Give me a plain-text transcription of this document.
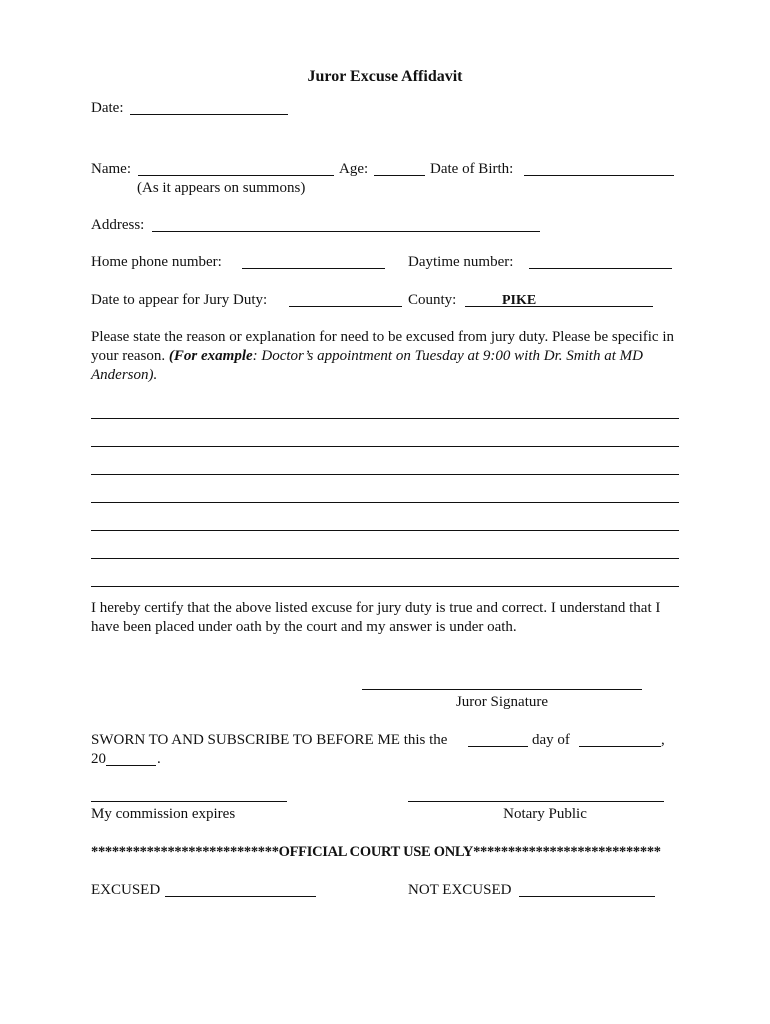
Juror Excuse Affidavit
Date:
Name:	Age:	Date of Birth:
(As it appears on summons)
Address:
Home phone number:	Daytime number:
Date to appear for Jury Duty:	County:	PIKE
Please state the reason or explanation for need to be excused from jury duty. Please be specific in your reason. (For example: Doctor’s appointment on Tuesday at 9:00 with Dr. Smith at MD Anderson).
I hereby certify that the above listed excuse for jury duty is true and correct. I understand that I have been placed under oath by the court and my answer is under oath.
Juror Signature
SWORN TO AND SUBSCRIBE TO BEFORE ME this the	day of	,
20	.
My commission expires	Notary Public
***************************OFFICIAL COURT USE ONLY***************************
EXCUSED	NOT EXCUSED
